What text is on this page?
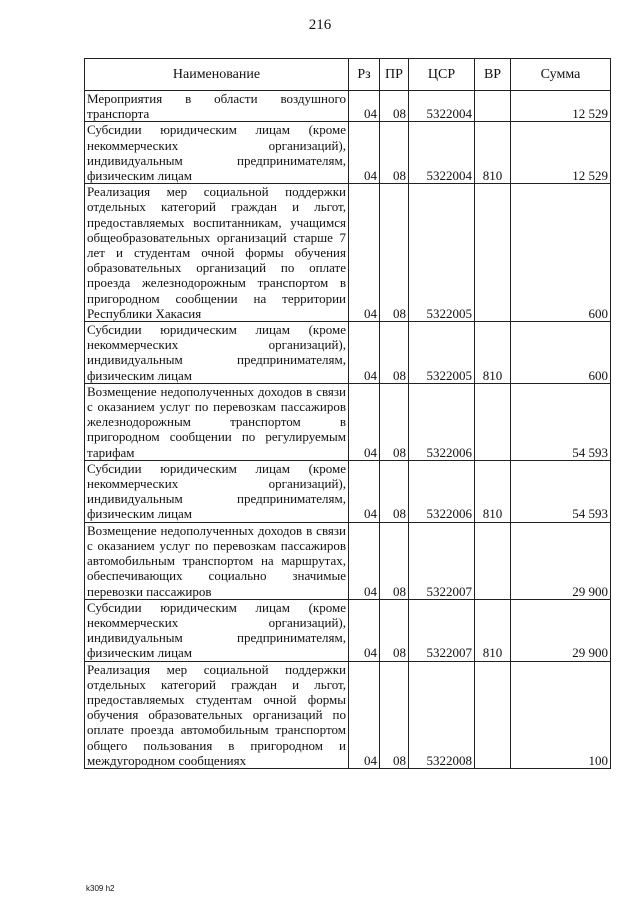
216
Наименование	Рз	ПР	ЦСР	ВР	Сумма
Мероприятия в области воздушного транспорта	04	08	5322004		12 529
Субсидии юридическим лицам (кроме некоммерческих организаций), индивидуальным предпринимателям, физическим лицам	04	08	5322004	810	12 529
Реализация мер социальной поддержки отдельных категорий граждан и льгот, предоставляемых воспитанникам, учащимся общеобразовательных организаций старше 7 лет и студентам очной формы обучения образовательных организаций по оплате проезда железнодорожным транспортом в пригородном сообщении на территории Республики Хакасия	04	08	5322005		600
Субсидии юридическим лицам (кроме некоммерческих организаций), индивидуальным предпринимателям, физическим лицам	04	08	5322005	810	600
Возмещение недополученных доходов в связи с оказанием услуг по перевозкам пассажиров железнодорожным транспортом в пригородном сообщении по регулируемым тарифам	04	08	5322006		54 593
Субсидии юридическим лицам (кроме некоммерческих организаций), индивидуальным предпринимателям, физическим лицам	04	08	5322006	810	54 593
Возмещение недополученных доходов в связи с оказанием услуг по перевозкам пассажиров автомобильным транспортом на маршрутах, обеспечивающих социально значимые перевозки пассажиров	04	08	5322007		29 900
Субсидии юридическим лицам (кроме некоммерческих организаций), индивидуальным предпринимателям, физическим лицам	04	08	5322007	810	29 900
Реализация мер социальной поддержки отдельных категорий граждан и льгот, предоставляемых студентам очной формы обучения образовательных организаций по оплате проезда автомобильным транспортом общего пользования в пригородном и междугородном сообщениях	04	08	5322008		100
k309 h2
